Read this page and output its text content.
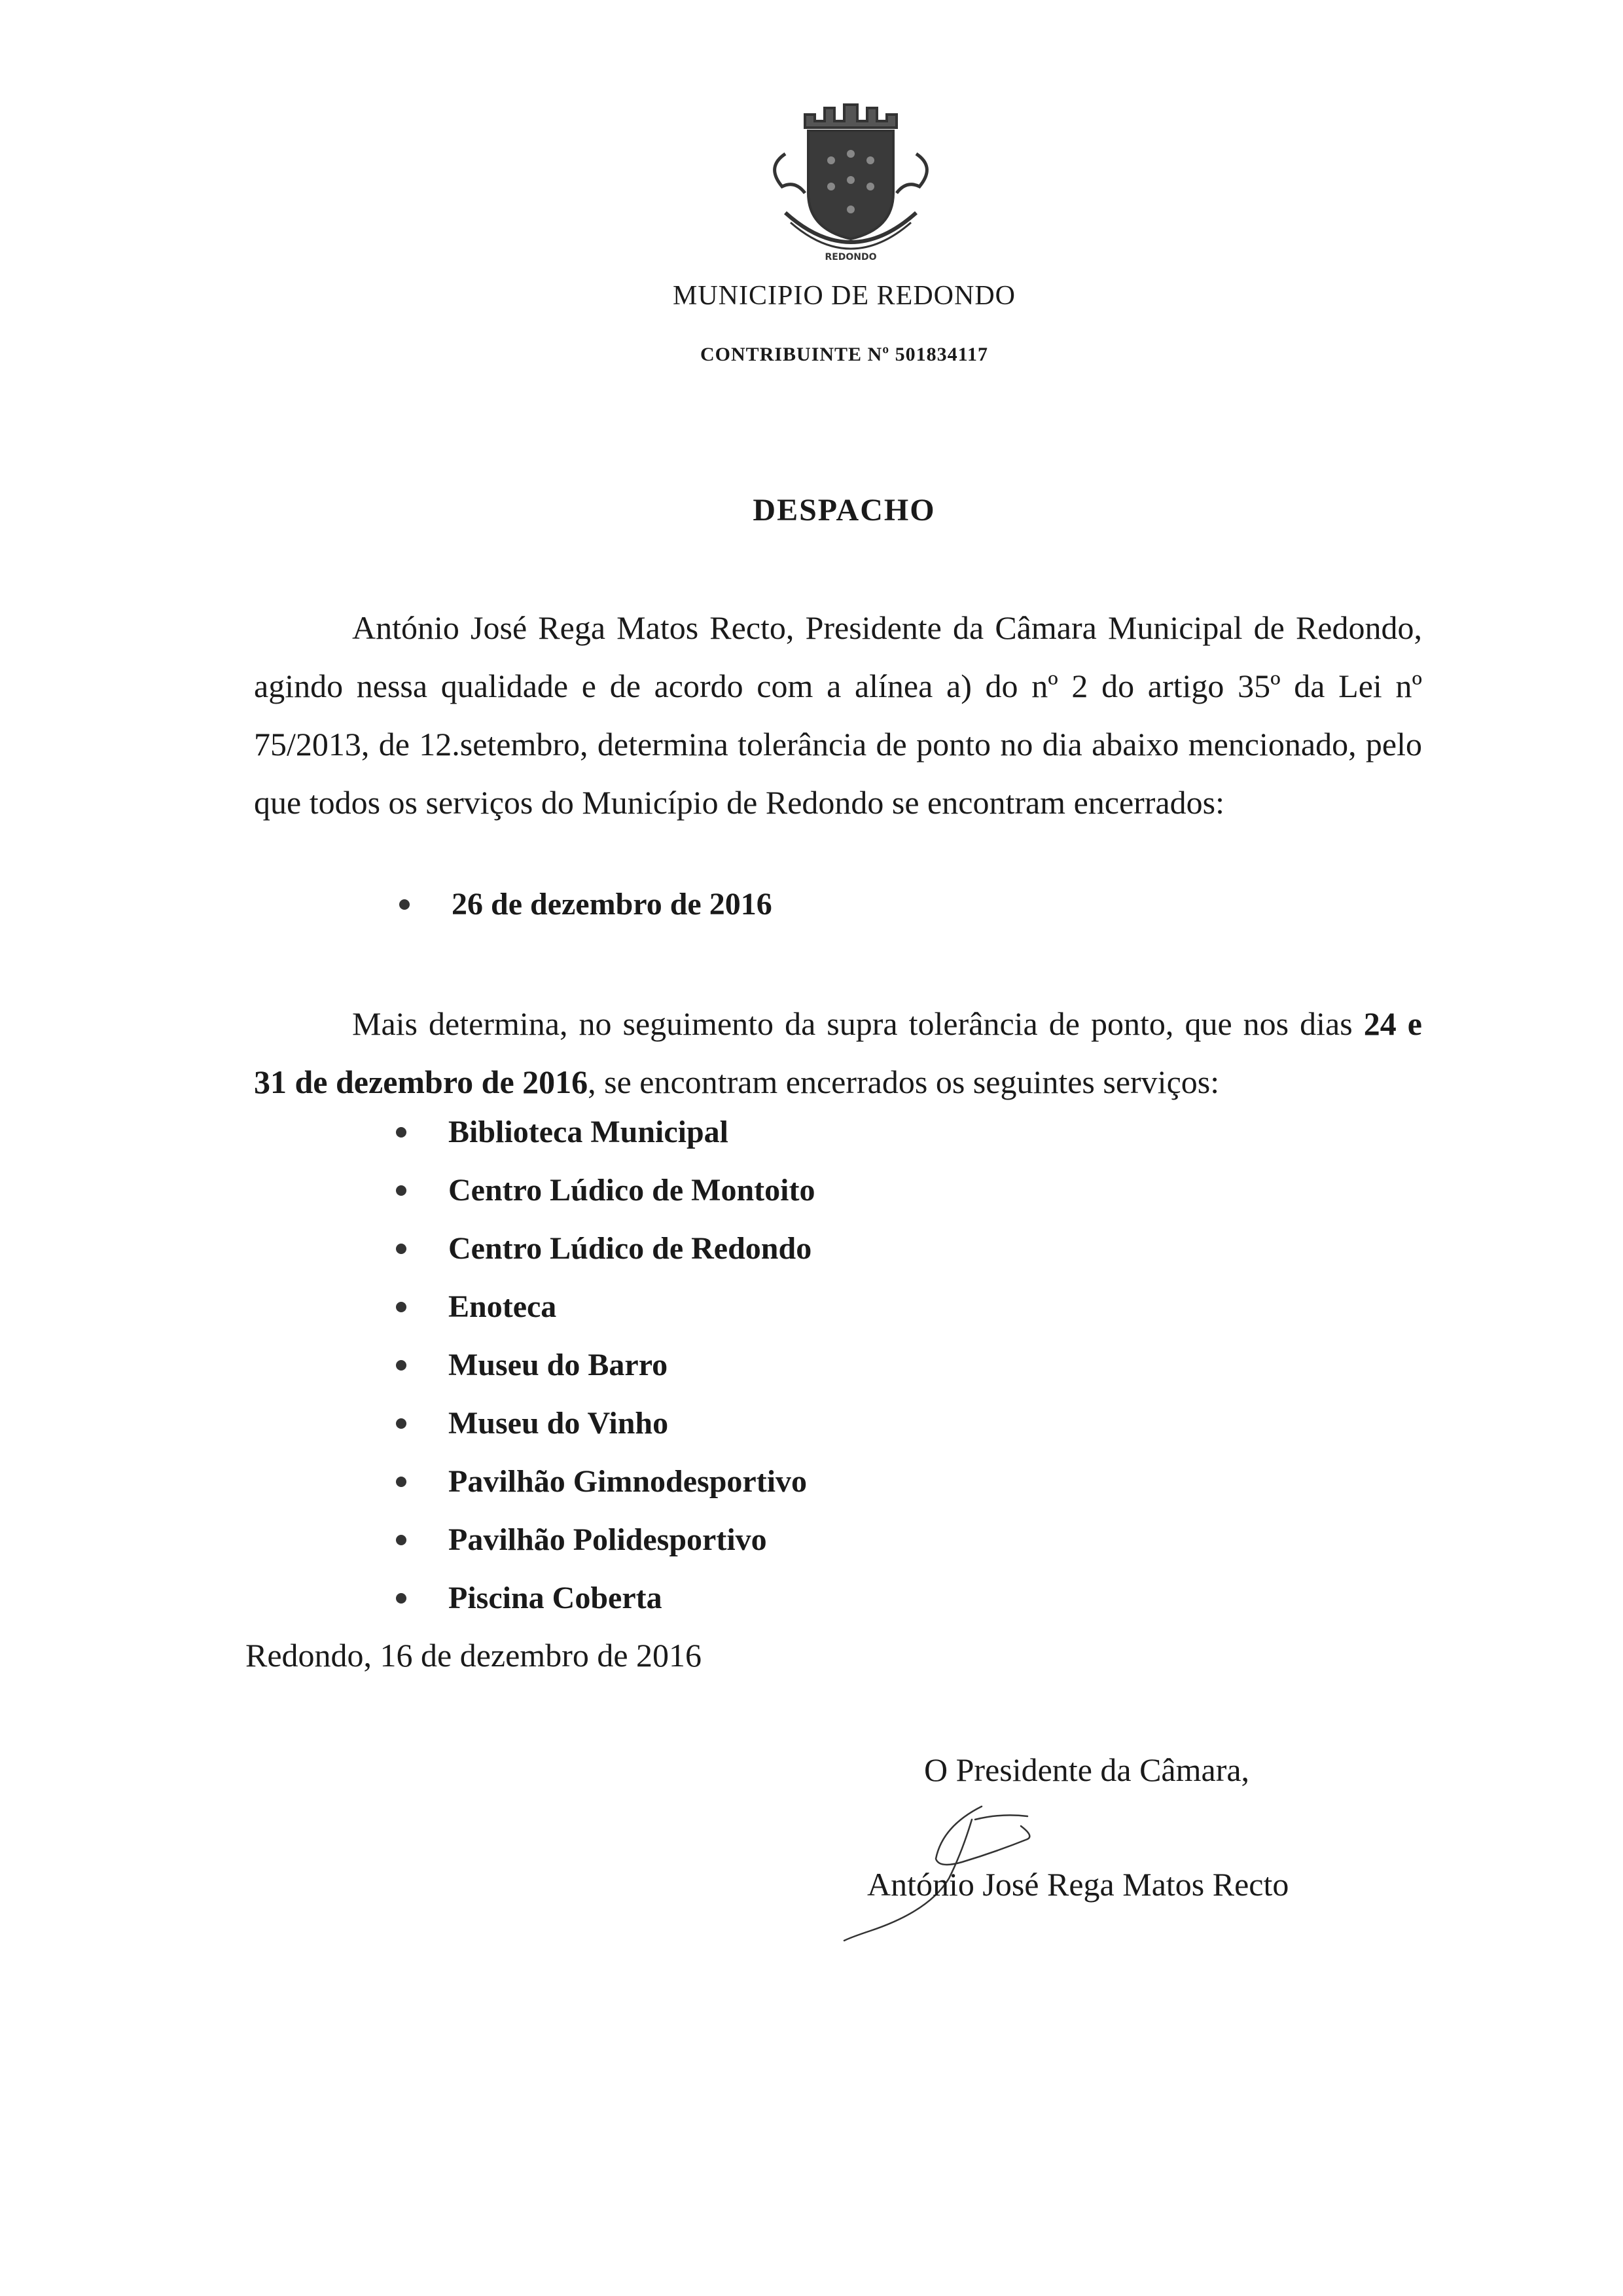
REDONDO
MUNICIPIO DE REDONDO
CONTRIBUINTE Nº 501834117
DESPACHO

António José Rega Matos Recto, Presidente da Câmara Municipal de Redondo, agindo nessa qualidade e de acordo com a alínea a) do nº 2 do artigo 35º da Lei nº 75/2013, de 12.setembro, determina tolerância de ponto no dia abaixo mencionado, pelo que todos os serviços do Município de Redondo se encontram encerrados:

26 de dezembro de 2016

Mais determina, no seguimento da supra tolerância de ponto, que nos dias 24 e 31 de dezembro de 2016, se encontram encerrados os seguintes serviços:

Biblioteca Municipal
Centro Lúdico de Montoito
Centro Lúdico de Redondo
Enoteca
Museu do Barro
Museu do Vinho
Pavilhão Gimnodesportivo
Pavilhão Polidesportivo
Piscina Coberta
Redondo, 16 de dezembro de 2016
O Presidente da Câmara,
António José Rega Matos Recto
